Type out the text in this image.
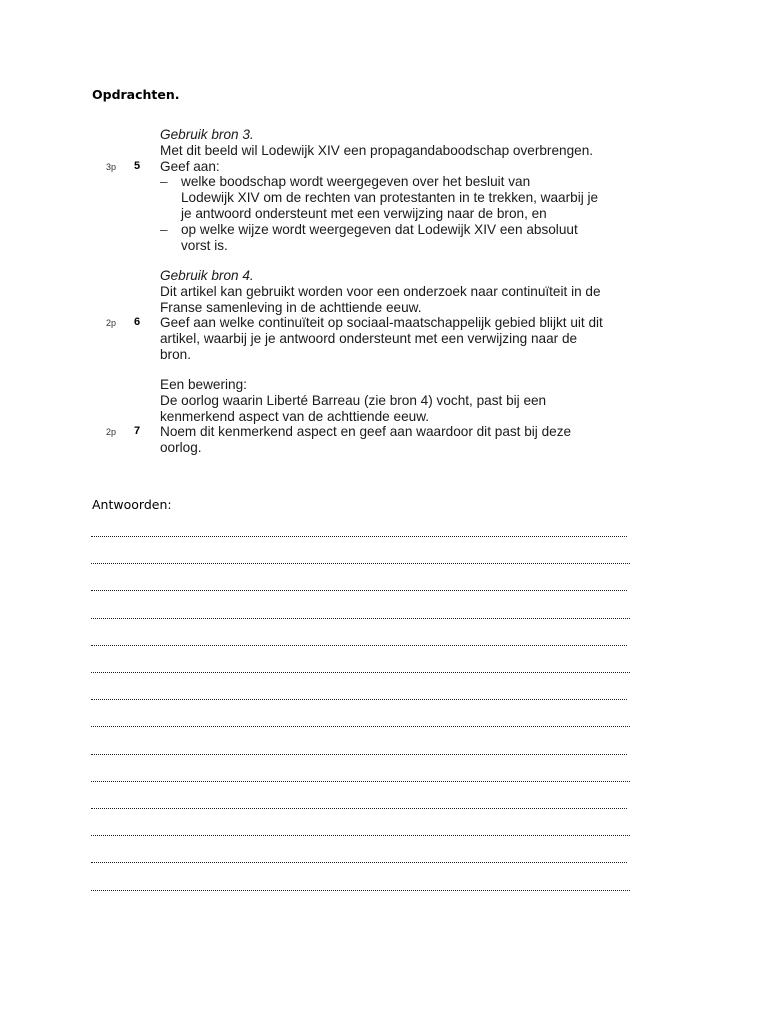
Opdrachten.
Gebruik bron 3.
Met dit beeld wil Lodewijk XIV een propagandaboodschap overbrengen.
3p 5 Geef aan:
– welke boodschap wordt weergegeven over het besluit van
Lodewijk XIV om de rechten van protestanten in te trekken, waarbij je
je antwoord ondersteunt met een verwijzing naar de bron, en
– op welke wijze wordt weergegeven dat Lodewijk XIV een absoluut
vorst is.
Gebruik bron 4.
Dit artikel kan gebruikt worden voor een onderzoek naar continuïteit in de
Franse samenleving in de achttiende eeuw.
2p 6 Geef aan welke continuïteit op sociaal-maatschappelijk gebied blijkt uit dit
artikel, waarbij je je antwoord ondersteunt met een verwijzing naar de
bron.
Een bewering:
De oorlog waarin Liberté Barreau (zie bron 4) vocht, past bij een
kenmerkend aspect van de achttiende eeuw.
2p 7 Noem dit kenmerkend aspect en geef aan waardoor dit past bij deze
oorlog.
Antwoorden:
